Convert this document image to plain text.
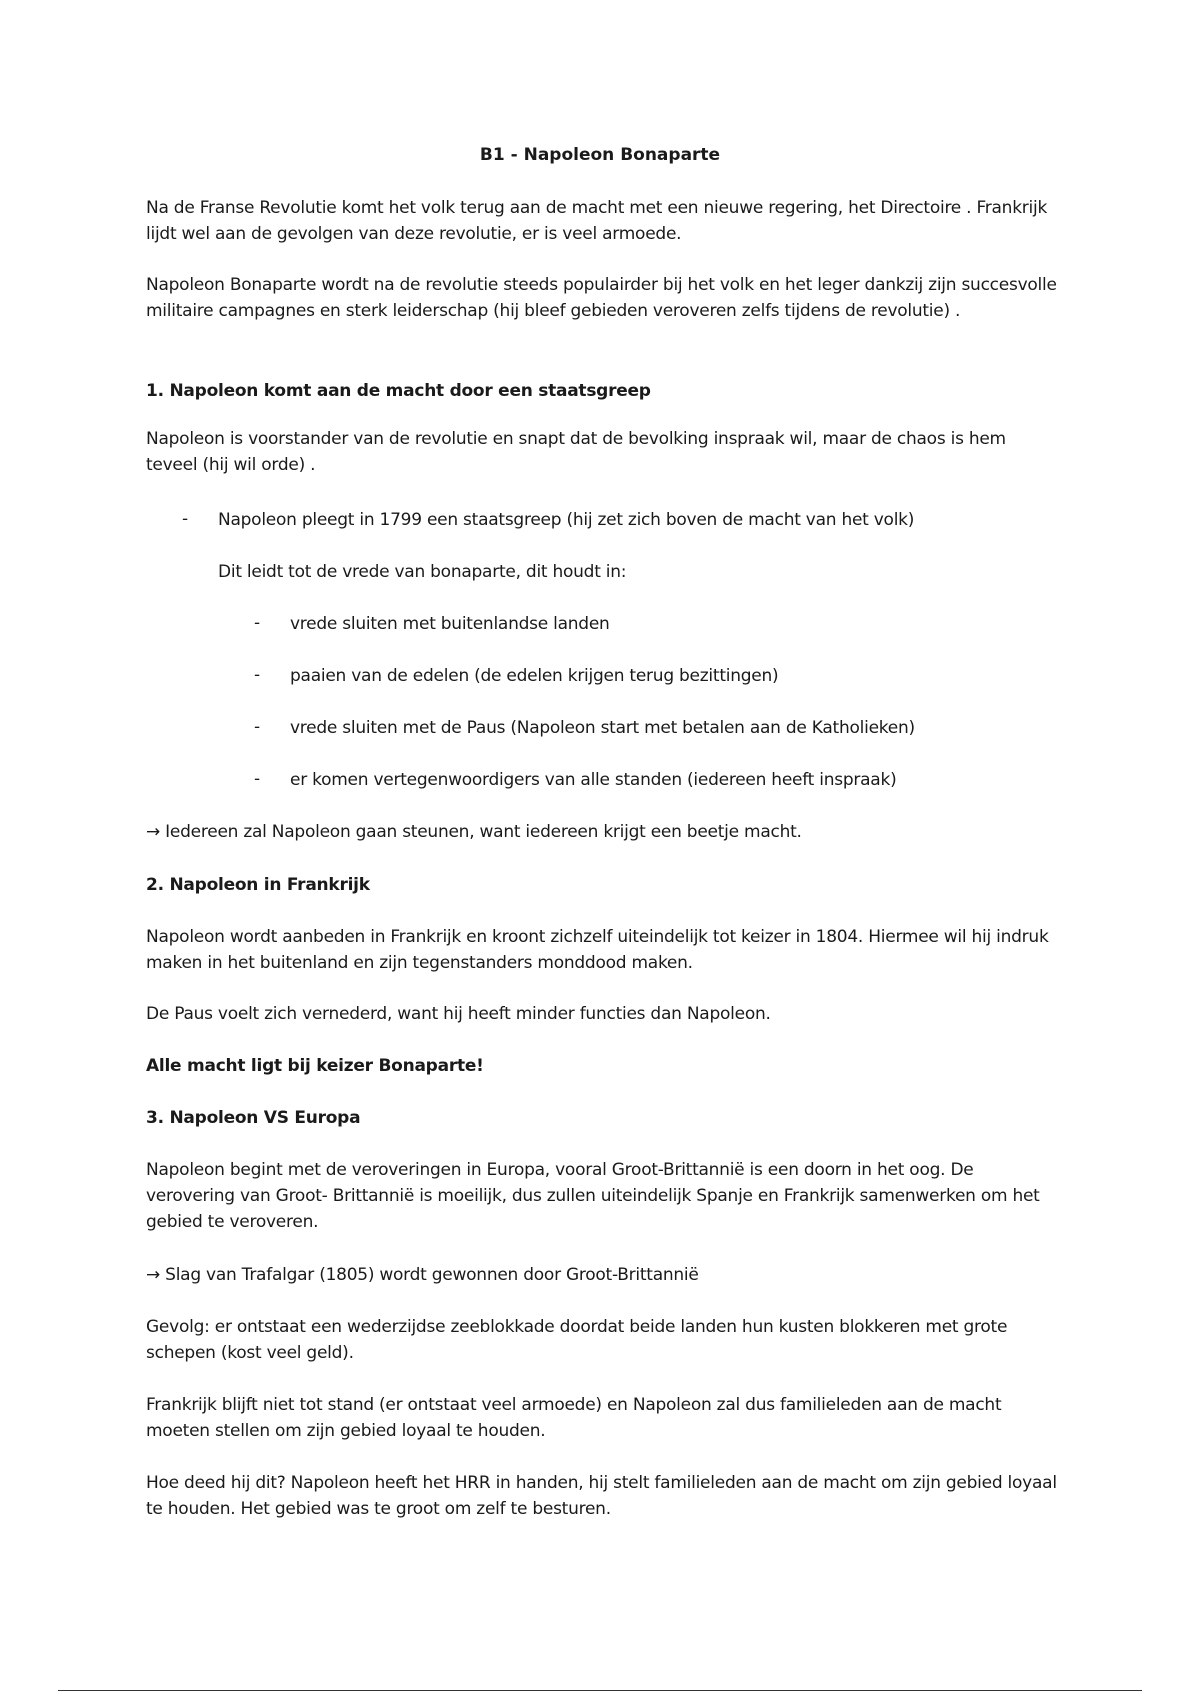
B1 - Napoleon Bonaparte
Na de Franse Revolutie komt het volk terug aan de macht met een nieuwe regering, het Directoire . Frankrijk lijdt wel aan de gevolgen van deze revolutie, er is veel armoede.
Napoleon Bonaparte wordt na de revolutie steeds populairder bij het volk en het leger dankzij zijn succesvolle militaire campagnes en sterk leiderschap (hij bleef gebieden veroveren zelfs tijdens de revolutie) .
1. Napoleon komt aan de macht door een staatsgreep
Napoleon is voorstander van de revolutie en snapt dat de bevolking inspraak wil, maar de chaos is hem teveel (hij wil orde) .
-	Napoleon pleegt in 1799 een staatsgreep (hij zet zich boven de macht van het volk)
Dit leidt tot de vrede van bonaparte, dit houdt in:
-	vrede sluiten met buitenlandse landen
-	paaien van de edelen (de edelen krijgen terug bezittingen)
-	vrede sluiten met de Paus (Napoleon start met betalen aan de Katholieken)
-	er komen vertegenwoordigers van alle standen (iedereen heeft inspraak)
→ Iedereen zal Napoleon gaan steunen, want iedereen krijgt een beetje macht.
2. Napoleon in Frankrijk
Napoleon wordt aanbeden in Frankrijk en kroont zichzelf uiteindelijk tot keizer in 1804. Hiermee wil hij indruk maken in het buitenland en zijn tegenstanders monddood maken.
De Paus voelt zich vernederd, want hij heeft minder functies dan Napoleon.
Alle macht ligt bij keizer Bonaparte!
3. Napoleon VS Europa
Napoleon begint met de veroveringen in Europa, vooral Groot-Brittannië is een doorn in het oog. De verovering van Groot- Brittannië is moeilijk, dus zullen uiteindelijk Spanje en Frankrijk samenwerken om het gebied te veroveren.
→ Slag van Trafalgar (1805) wordt gewonnen door Groot-Brittannië
Gevolg: er ontstaat een wederzijdse zeeblokkade doordat beide landen hun kusten blokkeren met grote schepen (kost veel geld).
Frankrijk blijft niet tot stand (er ontstaat veel armoede) en Napoleon zal dus familieleden aan de macht moeten stellen om zijn gebied loyaal te houden.
Hoe deed hij dit? Napoleon heeft het HRR in handen, hij stelt familieleden aan de macht om zijn gebied loyaal te houden. Het gebied was te groot om zelf te besturen.
